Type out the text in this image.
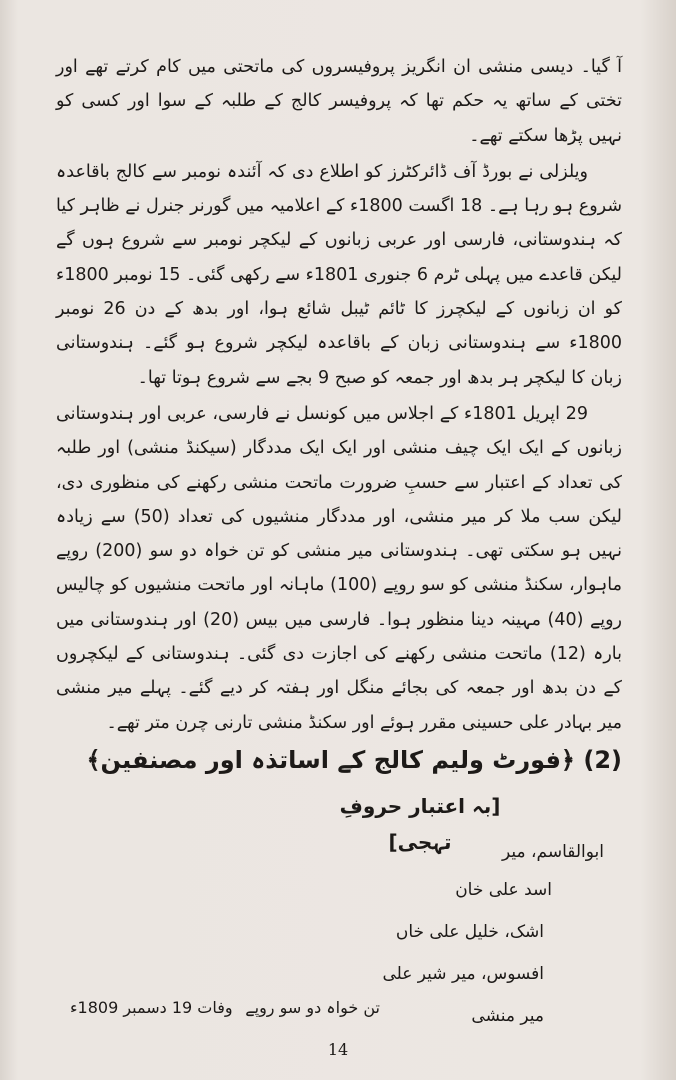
آ گیا۔ دیسی منشی ان انگریز پروفیسروں کی ماتحتی میں کام کرتے تھے اور تختی کے ساتھ یہ حکم تھا کہ پروفیسر کالج کے طلبہ کے سوا اور کسی کو نہیں پڑھا سکتے تھے۔

ویلزلی نے بورڈ آف ڈائرکٹرز کو اطلاع دی کہ آئندہ نومبر سے کالج باقاعدہ شروع ہو رہا ہے۔ 18 اگست 1800ء کے اعلامیہ میں گورنر جنرل نے ظاہر کیا کہ ہندوستانی، فارسی اور عربی زبانوں کے لیکچر نومبر سے شروع ہوں گے لیکن قاعدے میں پہلی ٹرم 6 جنوری 1801ء سے رکھی گئی۔ 15 نومبر 1800ء کو ان زبانوں کے لیکچرز کا ٹائم ٹیبل شائع ہوا، اور بدھ کے دن 26 نومبر 1800ء سے ہندوستانی زبان کے باقاعدہ لیکچر شروع ہو گئے۔ ہندوستانی زبان کا لیکچر ہر بدھ اور جمعہ کو صبح 9 بجے سے شروع ہوتا تھا۔

29 اپریل 1801ء کے اجلاس میں کونسل نے فارسی، عربی اور ہندوستانی زبانوں کے ایک ایک چیف منشی اور ایک ایک مددگار (سیکنڈ منشی) اور طلبہ کی تعداد کے اعتبار سے حسبِ ضرورت ماتحت منشی رکھنے کی منظوری دی، لیکن سب ملا کر میر منشی، اور مددگار منشیوں کی تعداد (50) سے زیادہ نہیں ہو سکتی تھی۔ ہندوستانی میر منشی کو تن خواہ دو سو (200) روپے ماہوار، سکنڈ منشی کو سو روپے (100) ماہانہ اور ماتحت منشیوں کو چالیس روپے (40) مہینہ دینا منظور ہوا۔ فارسی میں بیس (20) اور ہندوستانی میں بارہ (12) ماتحت منشی رکھنے کی اجازت دی گئی۔ ہندوستانی کے لیکچروں کے دن بدھ اور جمعہ کی بجائے منگل اور ہفتہ کر دیے گئے۔ پہلے میر منشی میر بہادر علی حسینی مقرر ہوئے اور سکنڈ منشی تارنی چرن متر تھے۔

(2) ﴿فورٹ ولیم کالج کے اساتذہ اور مصنفین﴾
[بہ اعتبار حروفِ تہجی]	ابوالقاسم، میر
اسد علی خان
اشک، خلیل علی خاں
افسوس، میر شیر علی
میر منشی
تن خواہ دو سو روپے
وفات 19 دسمبر 1809ء
14
